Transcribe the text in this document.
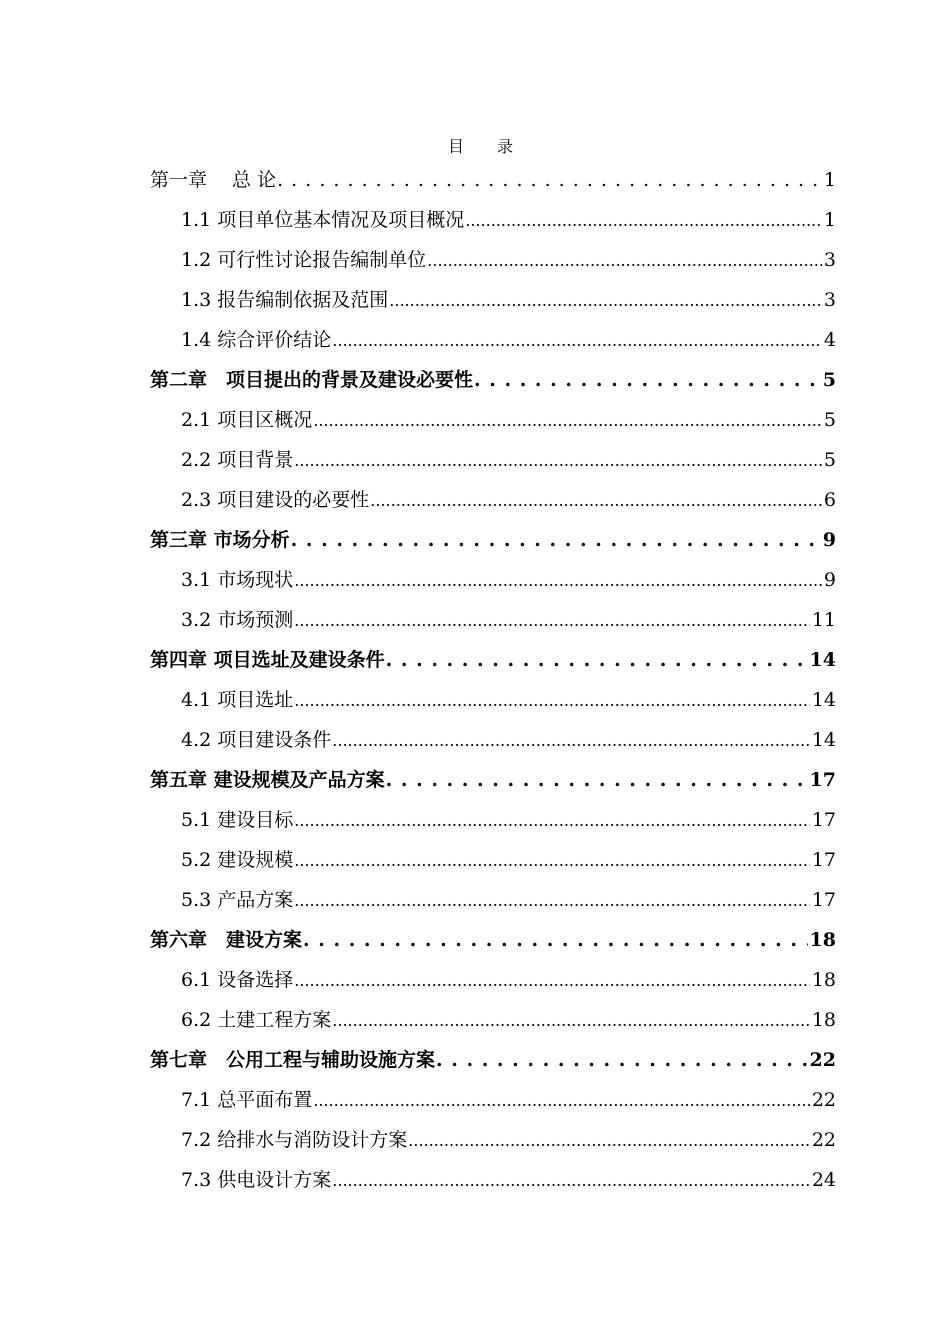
目 录
第一章　 总 论 . . .	1
1.1 项目单位基本情况及项目概况 .....	1
1.2 可行性讨论报告编制单位 .....	3
1.3 报告编制依据及范围 .....	3
1.4 综合评价结论 .....	4
第二章　项目提出的背景及建设必要性 . . .	5
2.1 项目区概况 .....	5
2.2 项目背景 .....	5
2.3 项目建设的必要性 .....	6
第三章 市场分析 . . .	9
3.1 市场现状 .....	9
3.2 市场预测 .....	11
第四章 项目选址及建设条件 . . .	14
4.1 项目选址 .....	14
4.2 项目建设条件 .....	14
第五章 建设规模及产品方案 . . .	17
5.1 建设目标 .....	17
5.2 建设规模 .....	17
5.3 产品方案 .....	17
第六章　建设方案 . . .	18
6.1 设备选择 .....	18
6.2 土建工程方案 .....	18
第七章　公用工程与辅助设施方案 . . .	22
7.1 总平面布置 .....	22
7.2 给排水与消防设计方案 .....	22
7.3 供电设计方案 .....	24
